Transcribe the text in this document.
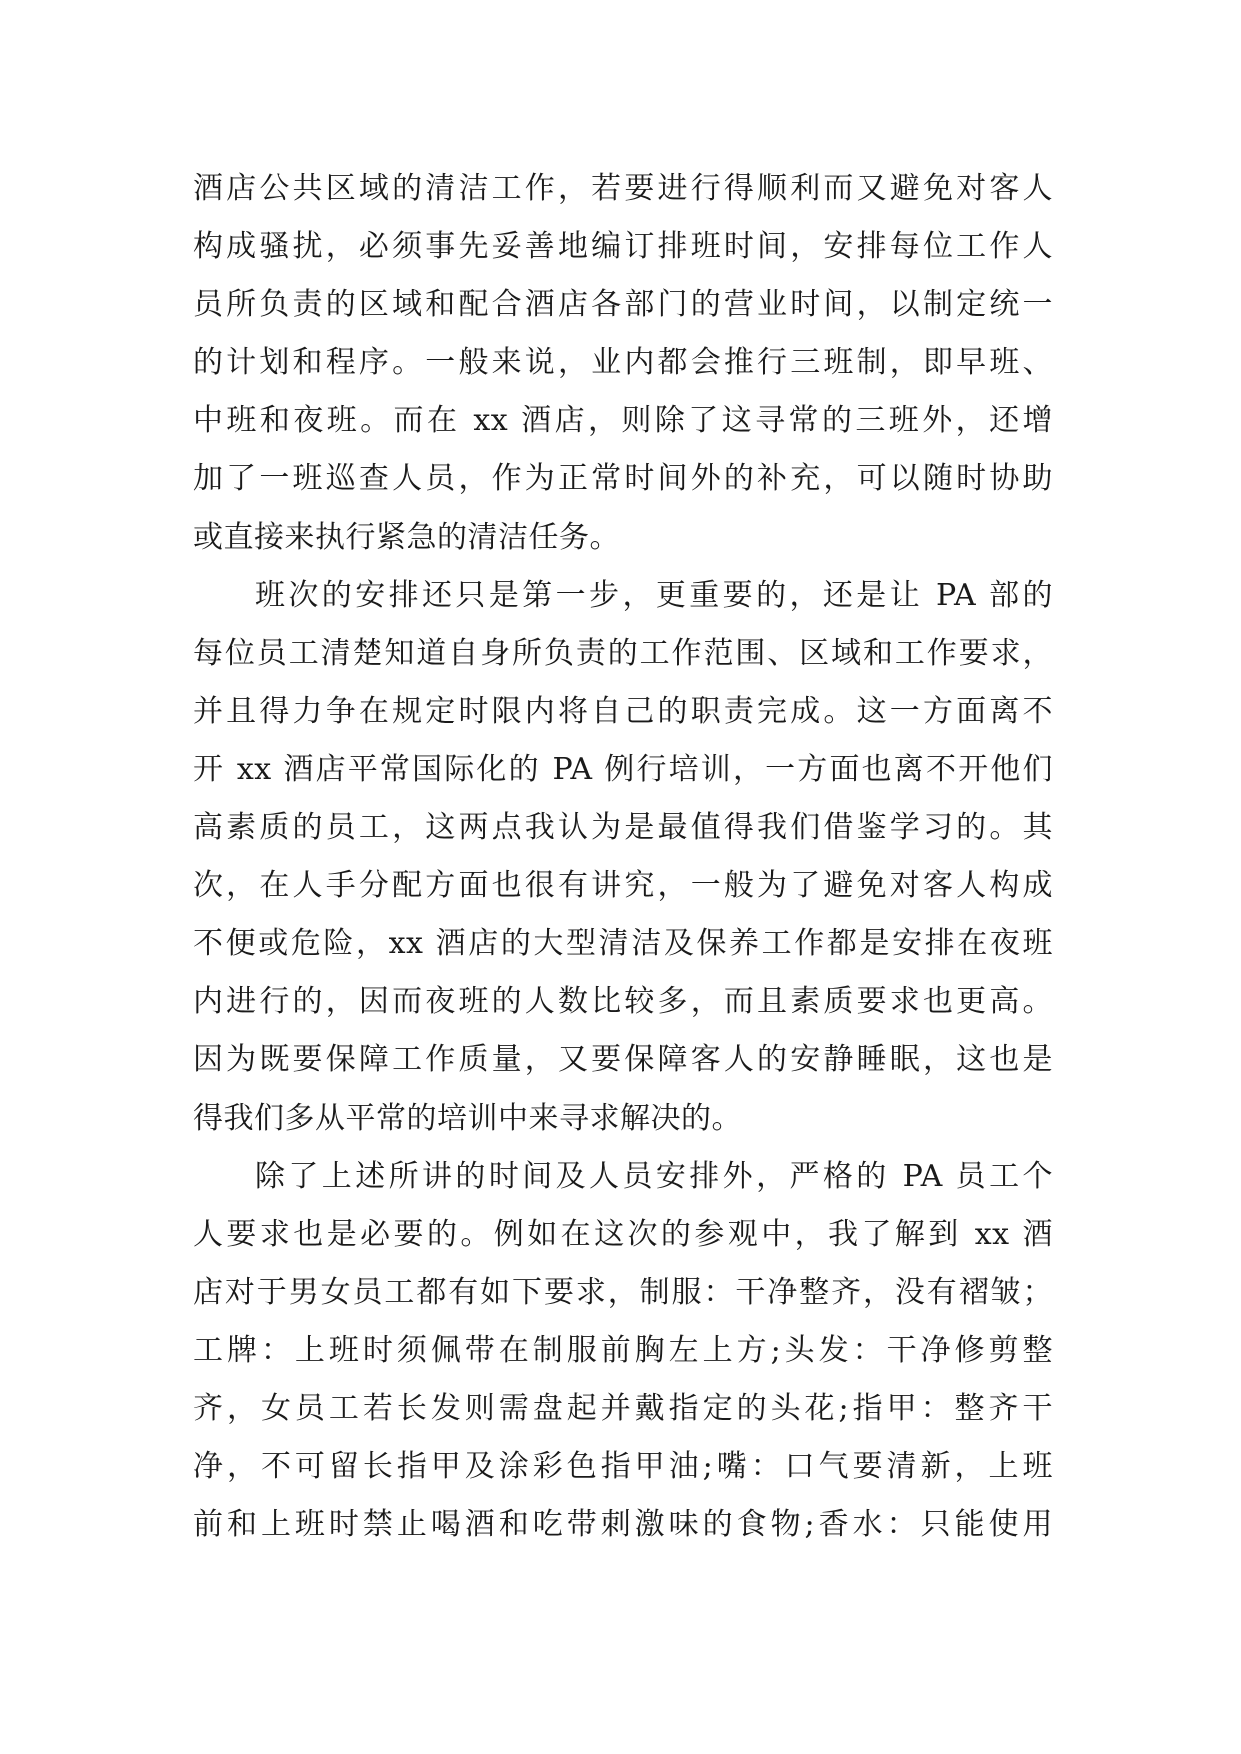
酒店公共区域的清洁工作，若要进行得顺利而又避免对客人
构成骚扰，必须事先妥善地编订排班时间，安排每位工作人
员所负责的区域和配合酒店各部门的营业时间，以制定统一
的计划和程序。一般来说，业内都会推行三班制，即早班、
中班和夜班。而在 xx 酒店，则除了这寻常的三班外，还增
加了一班巡查人员，作为正常时间外的补充，可以随时协助
或直接来执行紧急的清洁任务。
班次的安排还只是第一步，更重要的，还是让 PA 部的
每位员工清楚知道自身所负责的工作范围、区域和工作要求，
并且得力争在规定时限内将自己的职责完成。这一方面离不
开 xx 酒店平常国际化的 PA 例行培训，一方面也离不开他们
高素质的员工，这两点我认为是最值得我们借鉴学习的。其
次，在人手分配方面也很有讲究，一般为了避免对客人构成
不便或危险，xx 酒店的大型清洁及保养工作都是安排在夜班
内进行的，因而夜班的人数比较多，而且素质要求也更高。
因为既要保障工作质量，又要保障客人的安静睡眠，这也是
得我们多从平常的培训中来寻求解决的。
除了上述所讲的时间及人员安排外，严格的 PA 员工个
人要求也是必要的。例如在这次的参观中，我了解到 xx 酒
店对于男女员工都有如下要求，制服：干净整齐，没有褶皱；
工牌：上班时须佩带在制服前胸左上方;头发：干净修剪整
齐，女员工若长发则需盘起并戴指定的头花;指甲：整齐干
净，不可留长指甲及涂彩色指甲油;嘴：口气要清新，上班
前和上班时禁止喝酒和吃带刺激味的食物;香水：只能使用
